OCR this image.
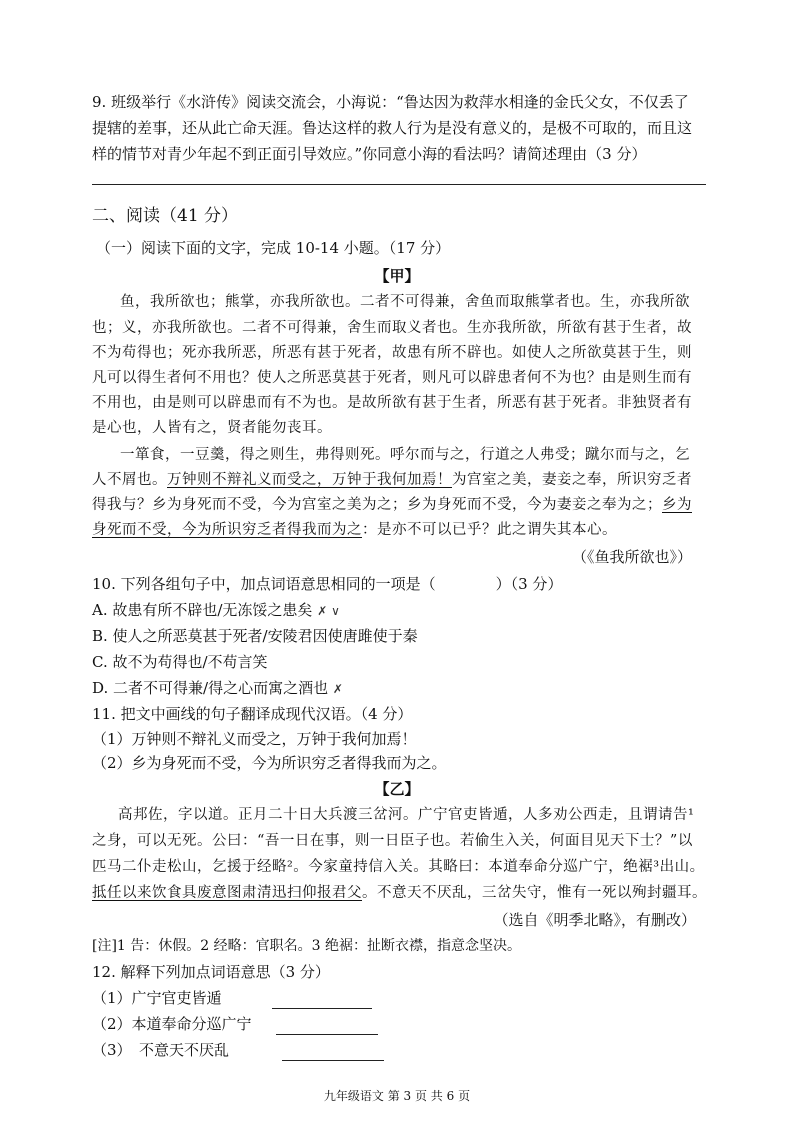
9. 班级举行《水浒传》阅读交流会，小海说：“鲁达因为救萍水相逢的金氏父女，不仅丢了
提辖的差事，还从此亡命天涯。鲁达这样的救人行为是没有意义的，是极不可取的，而且这
样的情节对青少年起不到正面引导效应。”你同意小海的看法吗？请简述理由（3 分）
二、阅读（41 分）
（一）阅读下面的文字，完成 10-14 小题。（17 分）
【甲】
鱼，我所欲也；熊掌，亦我所欲也。二者不可得兼，舍鱼而取熊掌者也。生，亦我所欲
也；义，亦我所欲也。二者不可得兼，舍生而取义者也。生亦我所欲，所欲有甚于生者，故
不为苟得也；死亦我所恶，所恶有甚于死者，故患有所不辟也。如使人之所欲莫甚于生，则
凡可以得生者何不用也？使人之所恶莫甚于死者，则凡可以辟患者何不为也？由是则生而有
不用也，由是则可以辟患而有不为也。是故所欲有甚于生者，所恶有甚于死者。非独贤者有
是心也，人皆有之，贤者能勿丧耳。
一箪食，一豆羹，得之则生，弗得则死。呼尔而与之，行道之人弗受；蹴尔而与之，乞
人不屑也。万钟则不辩礼义而受之，万钟于我何加焉！为宫室之美，妻妾之奉，所识穷乏者
得我与？乡为身死而不受，今为宫室之美为之；乡为身死而不受，今为妻妾之奉为之；乡为
身死而不受，今为所识穷乏者得我而为之：是亦不可以已乎？此之谓失其本心。
（《鱼我所欲也》）
10. 下列各组句子中，加点词语意思相同的一项是（　　　　）（3 分）
A. 故患有所不辟也/无冻馁之患矣 ✗ ∨
B. 使人之所恶莫甚于死者/安陵君因使唐雎使于秦
C. 故不为苟得也/不苟言笑
D. 二者不可得兼/得之心而寓之酒也 ✗
11. 把文中画线的句子翻译成现代汉语。（4 分）
（1）万钟则不辩礼义而受之，万钟于我何加焉！
（2）乡为身死而不受，今为所识穷乏者得我而为之。
【乙】
高邦佐，字以道。正月二十日大兵渡三岔河。广宁官吏皆遁，人多劝公西走，且谓请告¹
之身，可以无死。公曰：“吾一日在事，则一日臣子也。若偷生入关，何面目见天下士？”以
匹马二仆走松山，乞援于经略²。今家童持信入关。其略曰：本道奉命分巡广宁，绝裾³出山。
抵任以来饮食具废意图肃清迅扫仰报君父。不意天不厌乱，三岔失守，惟有一死以殉封疆耳。
（选自《明季北略》，有删改）
[注]1 告：休假。2 经略：官职名。3 绝裾：扯断衣襟，指意念坚决。
12. 解释下列加点词语意思（3 分）
（1）广宁官吏皆遁
（2）本道奉命分巡广宁
（3）　不意天不厌乱
九年级语文 第 3 页 共 6 页
